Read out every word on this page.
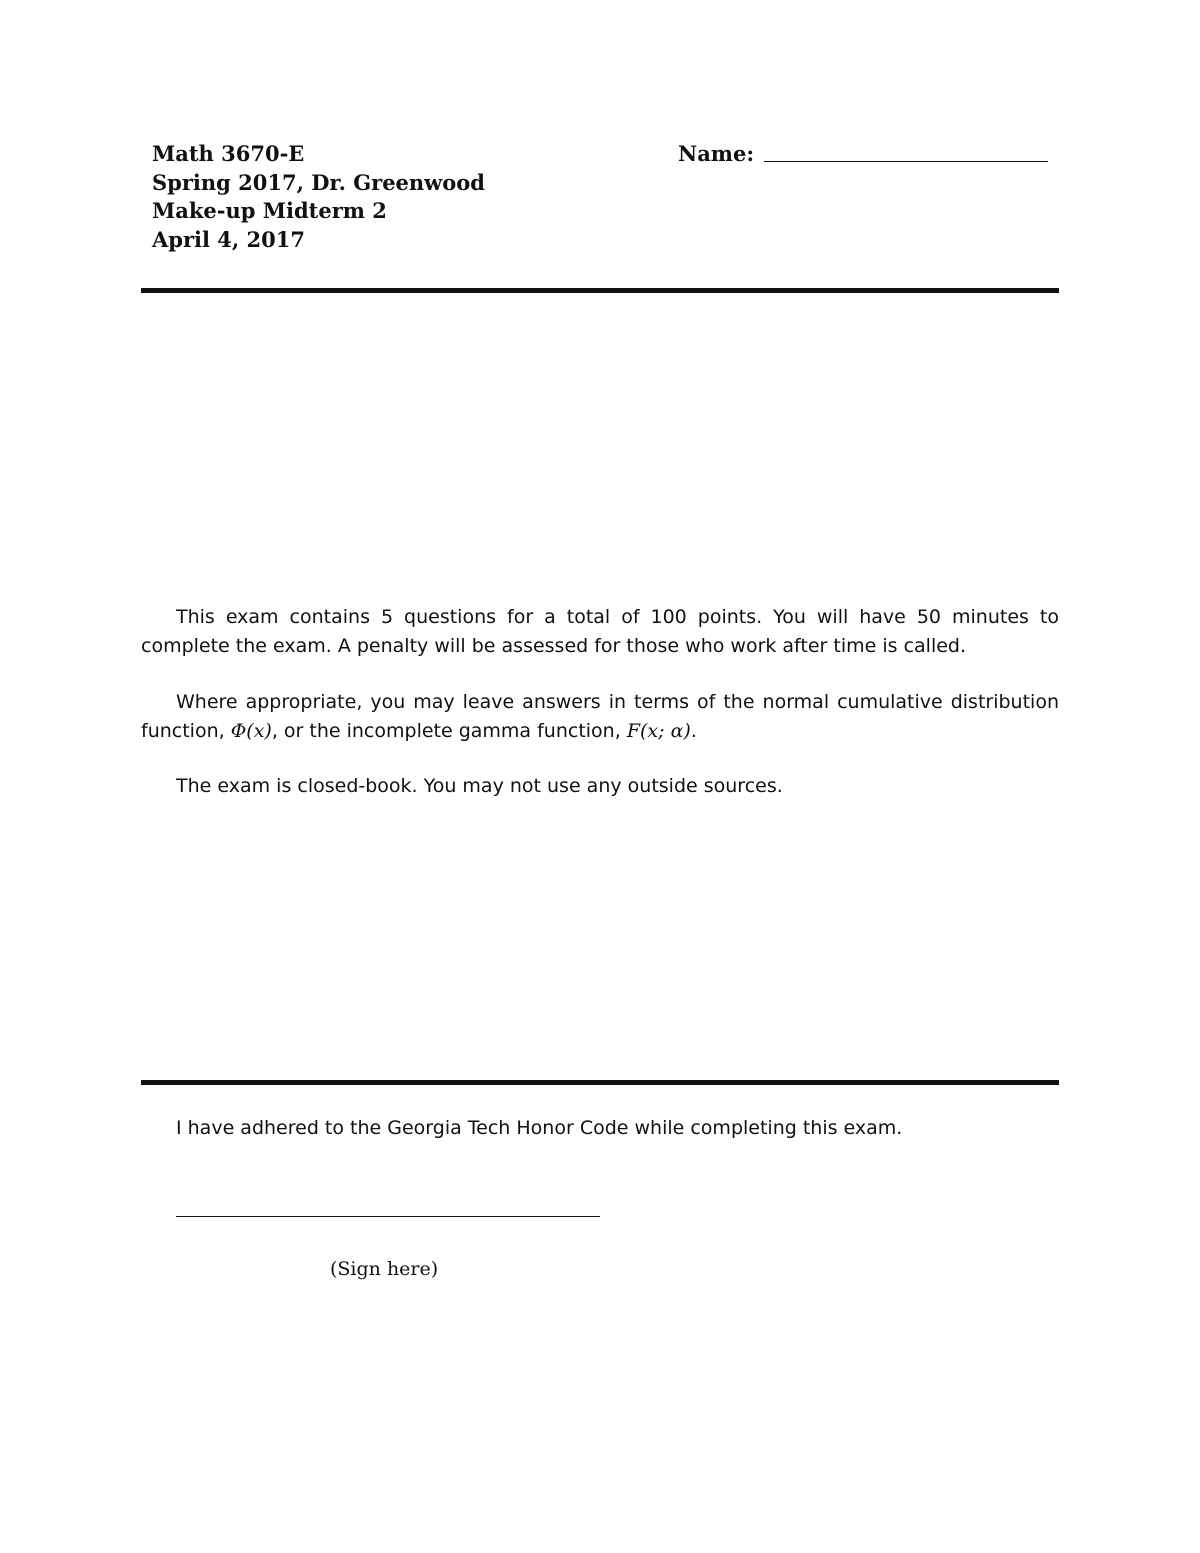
Math 3670-E
Spring 2017, Dr. Greenwood
Make-up Midterm 2
April 4, 2017
Name:
This exam contains 5 questions for a total of 100 points. You will have 50 minutes to complete the exam. A penalty will be assessed for those who work after time is called.
Where appropriate, you may leave answers in terms of the normal cumulative distribution function, Φ(x), or the incomplete gamma function, F(x; α).
The exam is closed-book. You may not use any outside sources.
I have adhered to the Georgia Tech Honor Code while completing this exam.
(Sign here)
